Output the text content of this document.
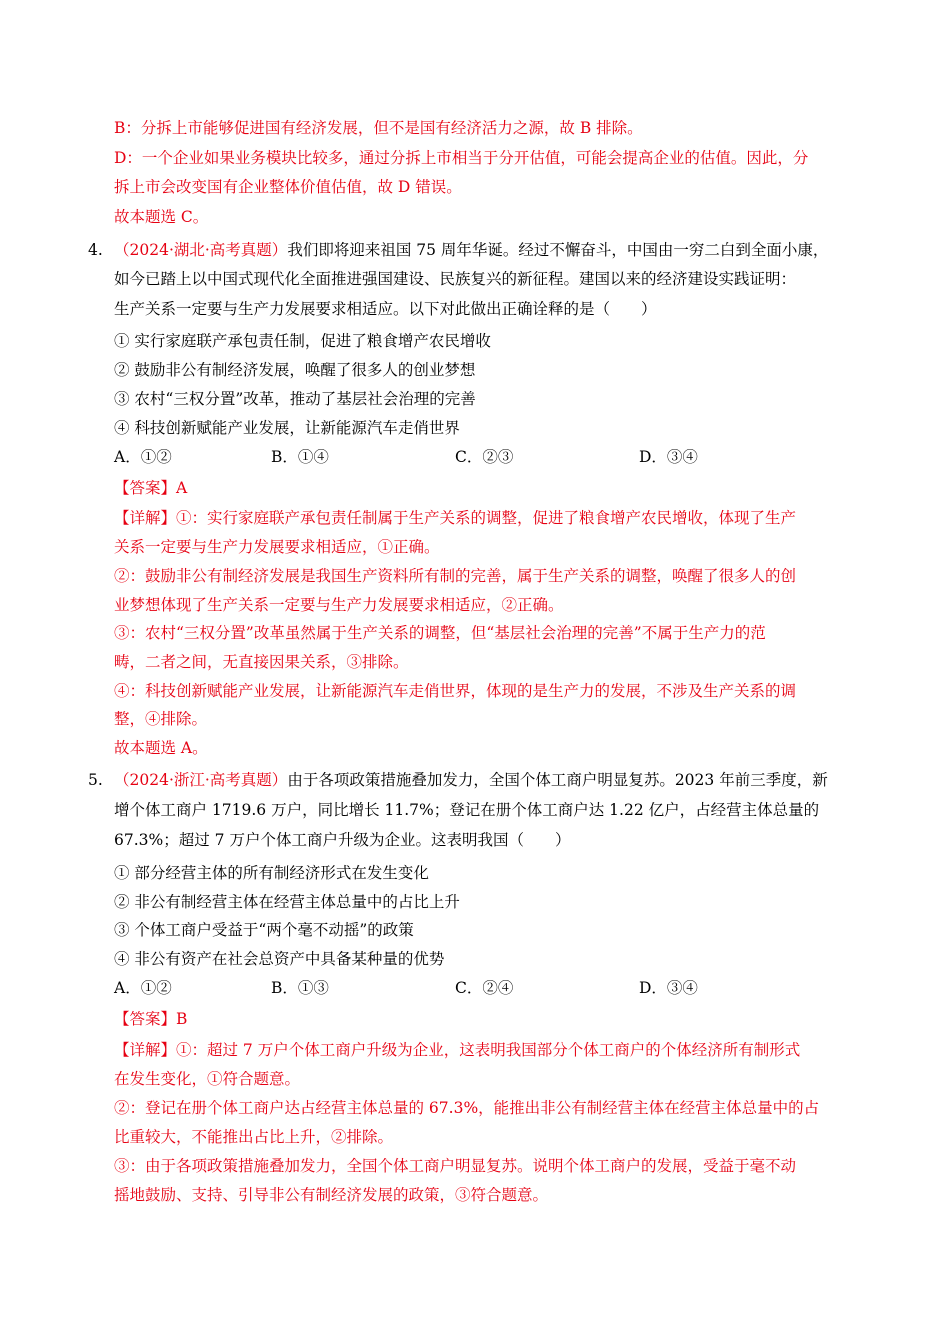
B：分拆上市能够促进国有经济发展，但不是国有经济活力之源，故 B 排除。
D：一个企业如果业务模块比较多，通过分拆上市相当于分开估值，可能会提高企业的估值。因此，分
拆上市会改变国有企业整体价值估值，故 D 错误。
故本题选 C。
4. （2024·湖北·高考真题）我们即将迎来祖国 75 周年华诞。经过不懈奋斗，中国由一穷二白到全面小康，
如今已踏上以中国式现代化全面推进强国建设、民族复兴的新征程。建国以来的经济建设实践证明：
生产关系一定要与生产力发展要求相适应。以下对此做出正确诠释的是（　　）
① 实行家庭联产承包责任制，促进了粮食增产农民增收
② 鼓励非公有制经济发展，唤醒了很多人的创业梦想
③ 农村“三权分置”改革，推动了基层社会治理的完善
④ 科技创新赋能产业发展，让新能源汽车走俏世界
A．①②	B．①④	C．②③	D．③④
【答案】A
【详解】①：实行家庭联产承包责任制属于生产关系的调整，促进了粮食增产农民增收，体现了生产
关系一定要与生产力发展要求相适应，①正确。
②：鼓励非公有制经济发展是我国生产资料所有制的完善，属于生产关系的调整，唤醒了很多人的创
业梦想体现了生产关系一定要与生产力发展要求相适应，②正确。
③：农村“三权分置”改革虽然属于生产关系的调整，但“基层社会治理的完善”不属于生产力的范
畴，二者之间，无直接因果关系，③排除。
④：科技创新赋能产业发展，让新能源汽车走俏世界，体现的是生产力的发展，不涉及生产关系的调
整，④排除。
故本题选 A。
5. （2024·浙江·高考真题）由于各项政策措施叠加发力，全国个体工商户明显复苏。2023 年前三季度，新
增个体工商户 1719.6 万户，同比增长 11.7%；登记在册个体工商户达 1.22 亿户，占经营主体总量的
67.3%；超过 7 万户个体工商户升级为企业。这表明我国（　　）
① 部分经营主体的所有制经济形式在发生变化
② 非公有制经营主体在经营主体总量中的占比上升
③ 个体工商户受益于“两个毫不动摇”的政策
④ 非公有资产在社会总资产中具备某种量的优势
A．①②	B．①③	C．②④	D．③④
【答案】B
【详解】①：超过 7 万户个体工商户升级为企业，这表明我国部分个体工商户的个体经济所有制形式
在发生变化，①符合题意。
②：登记在册个体工商户达占经营主体总量的 67.3%，能推出非公有制经营主体在经营主体总量中的占
比重较大，不能推出占比上升，②排除。
③：由于各项政策措施叠加发力，全国个体工商户明显复苏。说明个体工商户的发展，受益于毫不动
摇地鼓励、支持、引导非公有制经济发展的政策，③符合题意。
